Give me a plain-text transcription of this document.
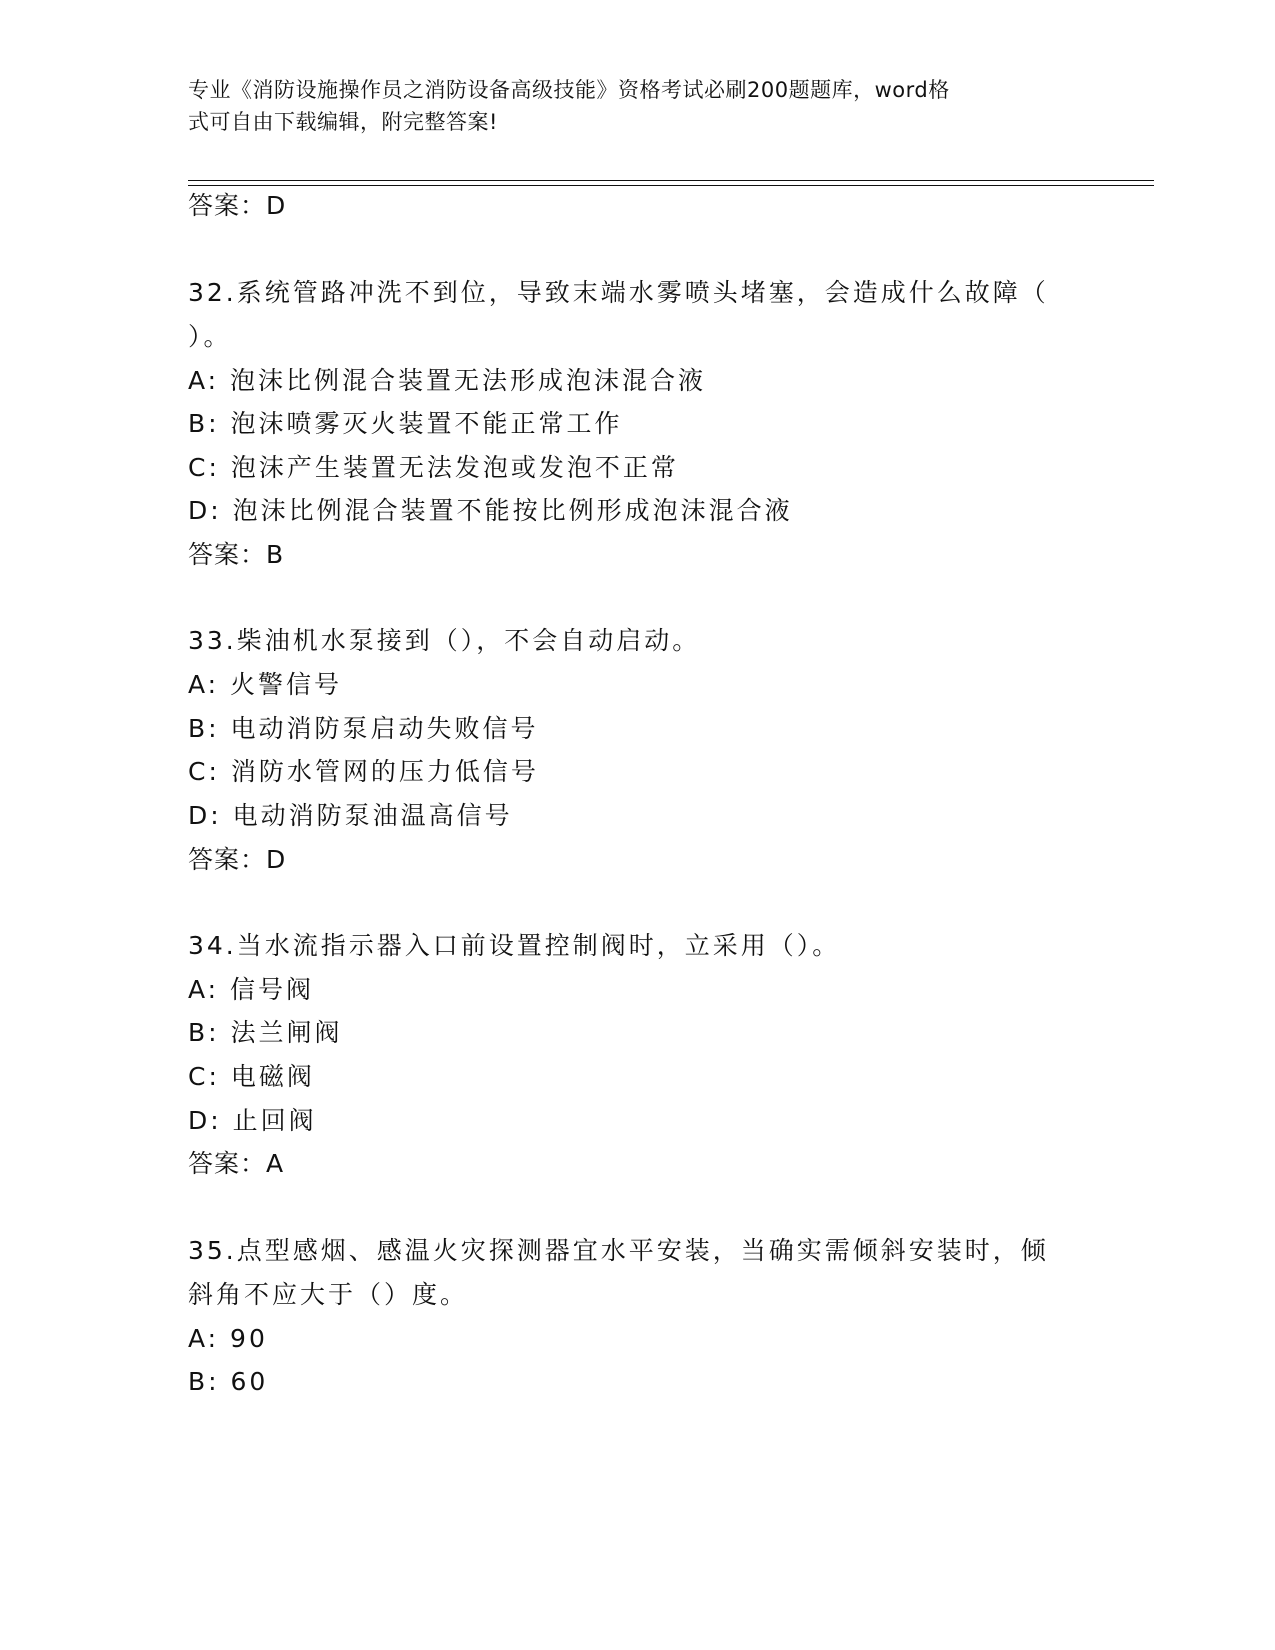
专业《消防设施操作员之消防设备高级技能》资格考试必刷200题题库，word格
式可自由下载编辑，附完整答案!
答案：D
32.系统管路冲洗不到位，导致末端水雾喷头堵塞，会造成什么故障（
）。
A: 泡沫比例混合装置无法形成泡沫混合液
B: 泡沫喷雾灭火装置不能正常工作
C: 泡沫产生装置无法发泡或发泡不正常
D: 泡沫比例混合装置不能按比例形成泡沫混合液
答案：B
33.柴油机水泵接到（），不会自动启动。
A: 火警信号
B: 电动消防泵启动失败信号
C: 消防水管网的压力低信号
D: 电动消防泵油温高信号
答案：D
34.当水流指示器入口前设置控制阀时，立采用（）。
A: 信号阀
B: 法兰闸阀
C: 电磁阀
D: 止回阀
答案：A
35.点型感烟、感温火灾探测器宜水平安装，当确实需倾斜安装时，倾
斜角不应大于（）度。
A: 90
B: 60
